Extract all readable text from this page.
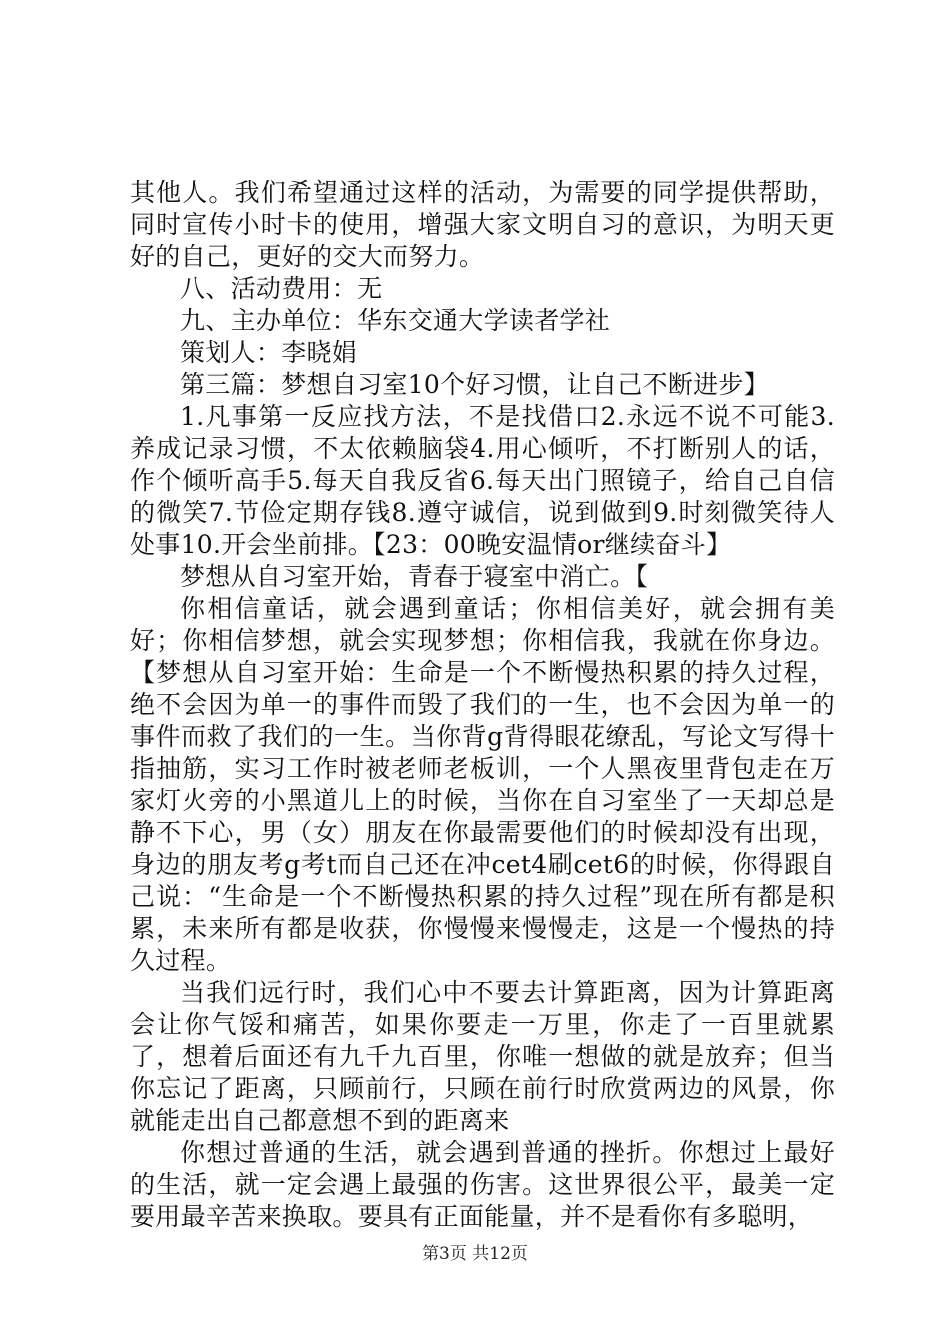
其他人。我们希望通过这样的活动，为需要的同学提供帮助，同时宣传小时卡的使用，增强大家文明自习的意识，为明天更好的自己，更好的交大而努力。

八、活动费用：无

九、主办单位：华东交通大学读者学社

策划人：李晓娟

第三篇：梦想自习室10个好习惯，让自己不断进步】

1.凡事第一反应找方法，不是找借口2.永远不说不可能3.养成记录习惯，不太依赖脑袋4.用心倾听，不打断别人的话，作个倾听高手5.每天自我反省6.每天出门照镜子，给自己自信的微笑7.节俭定期存钱8.遵守诚信，说到做到9.时刻微笑待人处事10.开会坐前排。【23：00晚安温情or继续奋斗】

梦想从自习室开始，青春于寝室中消亡。【

你相信童话，就会遇到童话；你相信美好，就会拥有美好；你相信梦想，就会实现梦想；你相信我，我就在你身边。【梦想从自习室开始：生命是一个不断慢热积累的持久过程，绝不会因为单一的事件而毁了我们的一生，也不会因为单一的事件而救了我们的一生。当你背g背得眼花缭乱，写论文写得十指抽筋，实习工作时被老师老板训，一个人黑夜里背包走在万家灯火旁的小黑道儿上的时候，当你在自习室坐了一天却总是静不下心，男（女）朋友在你最需要他们的时候却没有出现，身边的朋友考g考t而自己还在冲cet4刷cet6的时候，你得跟自己说：“生命是一个不断慢热积累的持久过程”现在所有都是积累，未来所有都是收获，你慢慢来慢慢走，这是一个慢热的持久过程。

当我们远行时，我们心中不要去计算距离，因为计算距离会让你气馁和痛苦，如果你要走一万里，你走了一百里就累了，想着后面还有九千九百里，你唯一想做的就是放弃；但当你忘记了距离，只顾前行，只顾在前行时欣赏两边的风景，你就能走出自己都意想不到的距离来

你想过普通的生活，就会遇到普通的挫折。你想过上最好的生活，就一定会遇上最强的伤害。这世界很公平，最美一定要用最辛苦来换取。要具有正面能量，并不是看你有多聪明，

第3页 共12页
